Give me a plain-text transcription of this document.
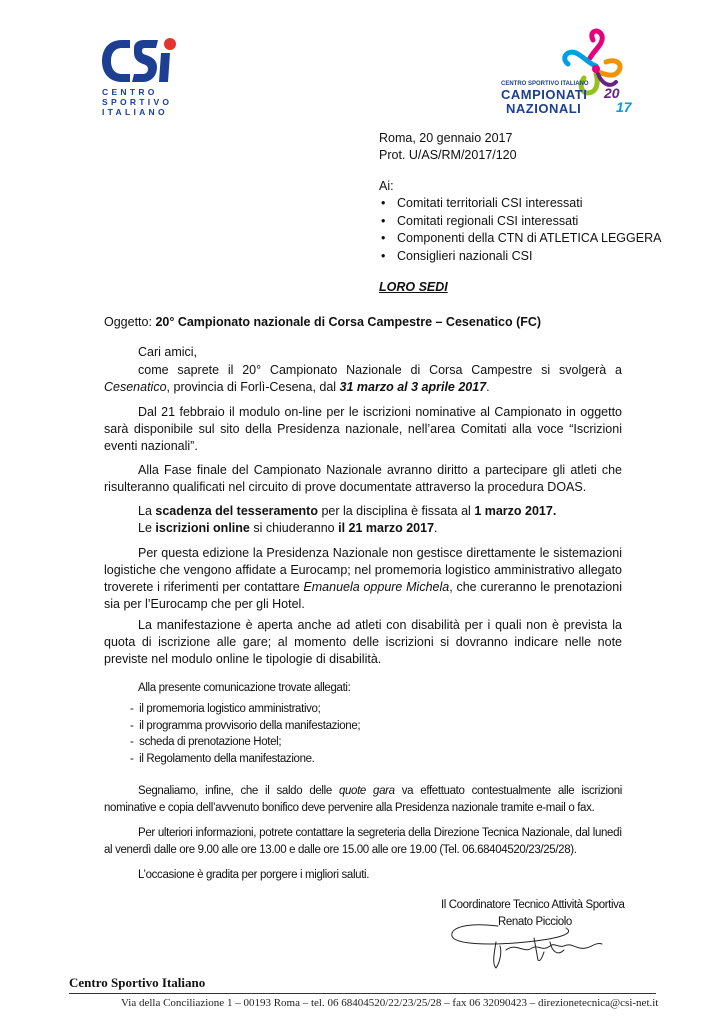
CENTRO
SPORTIVO
ITALIANO
20
17
CENTRO SPORTIVO ITALIANO
CAMPIONATI
NAZIONALI
Roma, 20 gennaio 2017
Prot. U/AS/RM/2017/120
Ai:
• Comitati territoriali CSI interessati
• Comitati regionali CSI interessati
• Componenti della CTN di ATLETICA LEGGERA
• Consiglieri nazionali CSI
LORO SEDI
Oggetto: 20° Campionato nazionale di Corsa Campestre – Cesenatico (FC)
Cari amici,

come saprete il 20° Campionato Nazionale di Corsa Campestre si svolgerà a Cesenatico, provincia di Forlì-Cesena, dal 31 marzo al 3 aprile 2017.

Dal 21 febbraio il modulo on-line per le iscrizioni nominative al Campionato in oggetto sarà disponibile sul sito della Presidenza nazionale, nell’area Comitati alla voce “Iscrizioni eventi nazionali”.

Alla Fase finale del Campionato Nazionale avranno diritto a partecipare gli atleti che risulteranno qualificati nel circuito di prove documentate attraverso la procedura DOAS.

La scadenza del tesseramento per la disciplina è fissata al 1 marzo 2017.

Le iscrizioni online si chiuderanno il 21 marzo 2017.

Per questa edizione la Presidenza Nazionale non gestisce direttamente le sistemazioni logistiche che vengono affidate a Eurocamp; nel promemoria logistico amministrativo allegato troverete i riferimenti per contattare Emanuela oppure Michela, che cureranno le prenotazioni sia per l’Eurocamp che per gli Hotel.

La manifestazione è aperta anche ad atleti con disabilità per i quali non è prevista la quota di iscrizione alle gare; al momento delle iscrizioni si dovranno indicare nelle note previste nel modulo online le tipologie di disabilità.

Alla presente comunicazione trovate allegati:

- il promemoria logistico amministrativo;
- il programma provvisorio della manifestazione;
- scheda di prenotazione Hotel;
- il Regolamento della manifestazione.

Segnaliamo, infine, che il saldo delle quote gara va effettuato contestualmente alle iscrizioni nominative e copia dell’avvenuto bonifico deve pervenire alla Presidenza nazionale tramite e-mail o fax.

Per ulteriori informazioni, potrete contattare la segreteria della Direzione Tecnica Nazionale, dal lunedì al venerdì dalle ore 9.00 alle ore 13.00 e dalle ore 15.00 alle ore 19.00 (Tel. 06.68404520/23/25/28).

L’occasione è gradita per porgere i migliori saluti.

Il Coordinatore Tecnico Attività Sportiva
Renato Picciolo
Centro Sportivo Italiano
Via della Conciliazione 1 – 00193 Roma – tel. 06 68404520/22/23/25/28 – fax 06 32090423 – direzionetecnica@csi-net.it
